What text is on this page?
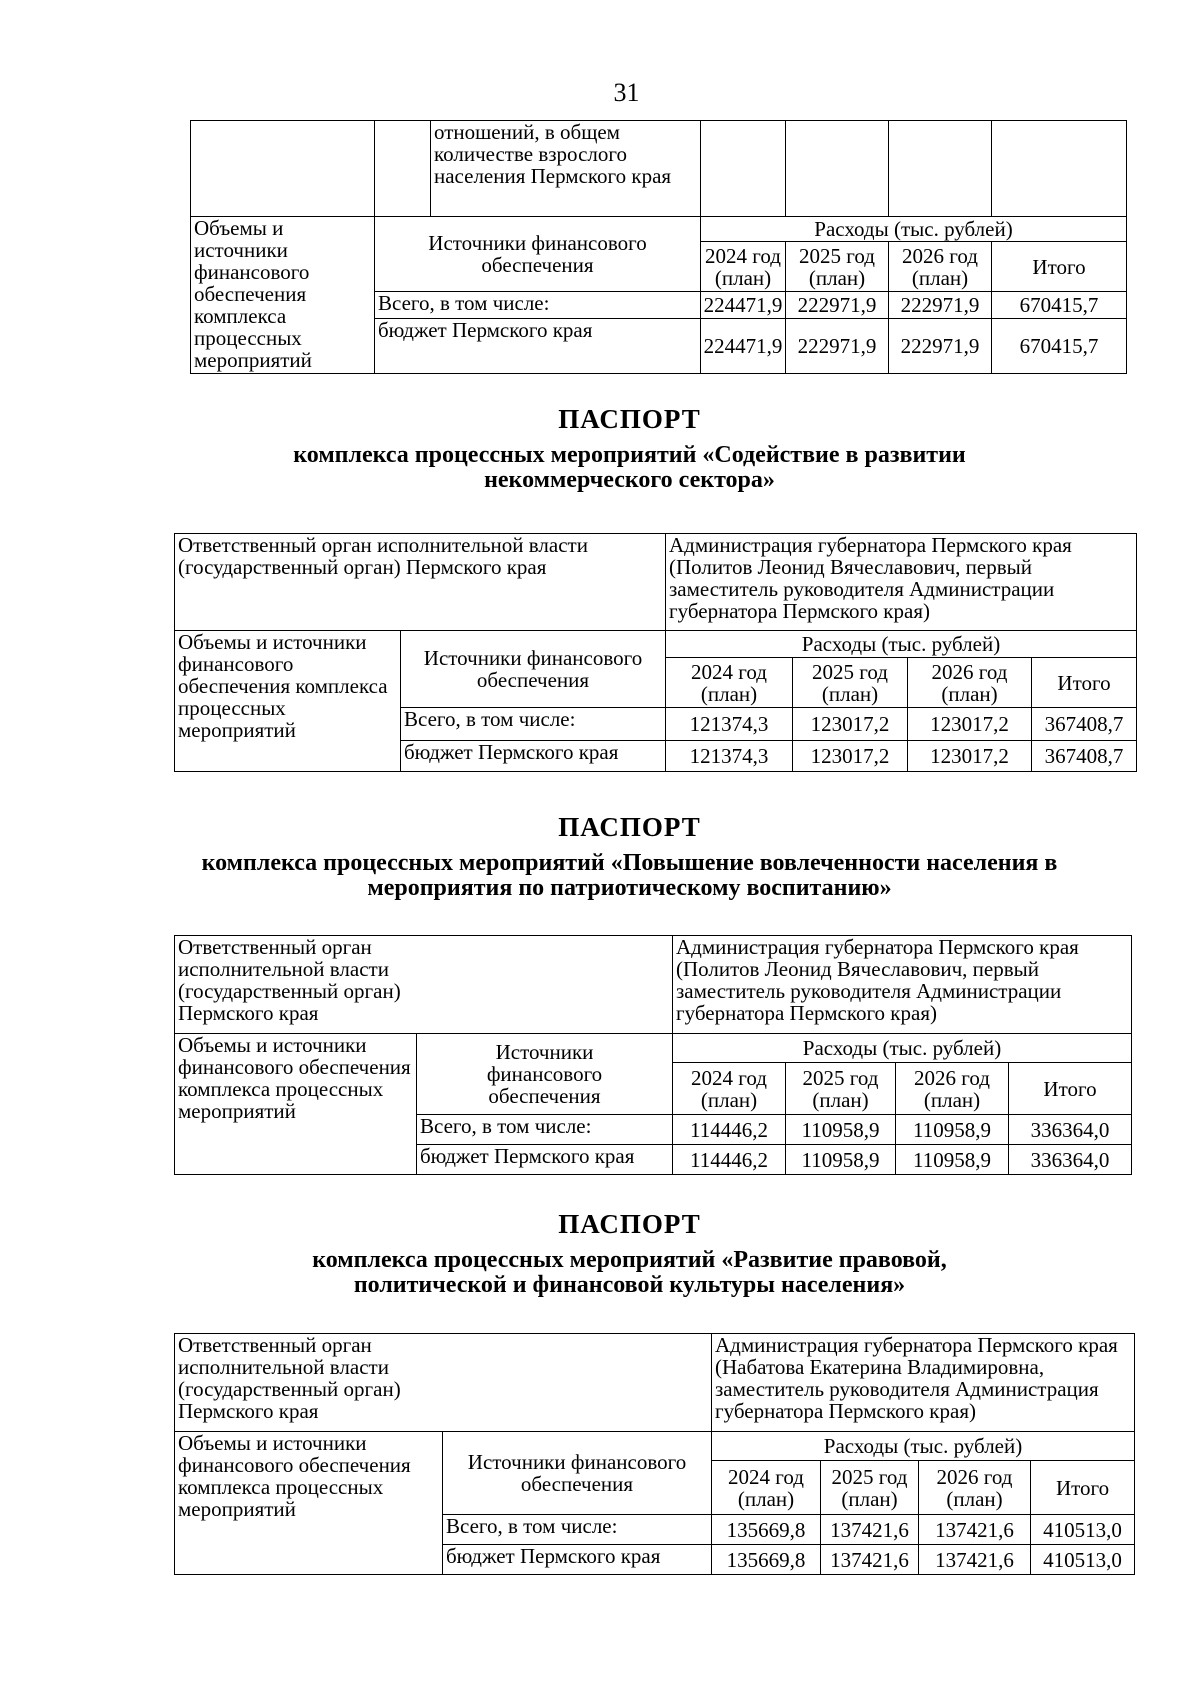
31
		отношений, в общем количестве взрослого населения Пермского края				
Объемы и источники финансового обеспечения комплекса процессных мероприятий	Источники финансового обеспечения		Расходы (тыс. рублей)			
			2024 год (план)	2025 год (план)	2026 год (план)	Итого
	Всего, в том числе:		224471,9	222971,9	222971,9	670415,7
	бюджет Пермского края		224471,9	222971,9	222971,9	670415,7
ПАСПОРТ
комплекса процессных мероприятий «Содействие в развитии некоммерческого сектора»
Ответственный орган исполнительной власти (государственный орган) Пермского края		Администрация губернатора Пермского края (Политов Леонид Вячеславович, первый заместитель руководителя Администрации губернатора Пермского края)			
Объемы и источники финансового обеспечения комплекса процессных мероприятий	Источники финансового обеспечения	Расходы (тыс. рублей)			
		2024 год (план)	2025 год (план)	2026 год (план)	Итого
	Всего, в том числе:	121374,3	123017,2	123017,2	367408,7
	бюджет Пермского края	121374,3	123017,2	123017,2	367408,7
ПАСПОРТ
комплекса процессных мероприятий «Повышение вовлеченности населения в мероприятия по патриотическому воспитанию»
Ответственный орган исполнительной власти (государственный орган) Пермского края		Администрация губернатора Пермского края (Политов Леонид Вячеславович, первый заместитель руководителя Администрации губернатора Пермского края)			
Объемы и источники финансового обеспечения комплекса процессных мероприятий	Источники финансового обеспечения	Расходы (тыс. рублей)			
		2024 год (план)	2025 год (план)	2026 год (план)	Итого
	Всего, в том числе:	114446,2	110958,9	110958,9	336364,0
	бюджет Пермского края	114446,2	110958,9	110958,9	336364,0
ПАСПОРТ
комплекса процессных мероприятий «Развитие правовой, политической и финансовой культуры населения»
Ответственный орган исполнительной власти (государственный орган) Пермского края		Администрация губернатора Пермского края (Набатова Екатерина Владимировна, заместитель руководителя Администрация губернатора Пермского края)			
Объемы и источники финансового обеспечения комплекса процессных мероприятий	Источники финансового обеспечения	Расходы (тыс. рублей)			
		2024 год (план)	2025 год (план)	2026 год (план)	Итого
	Всего, в том числе:	135669,8	137421,6	137421,6	410513,0
	бюджет Пермского края	135669,8	137421,6	137421,6	410513,0
